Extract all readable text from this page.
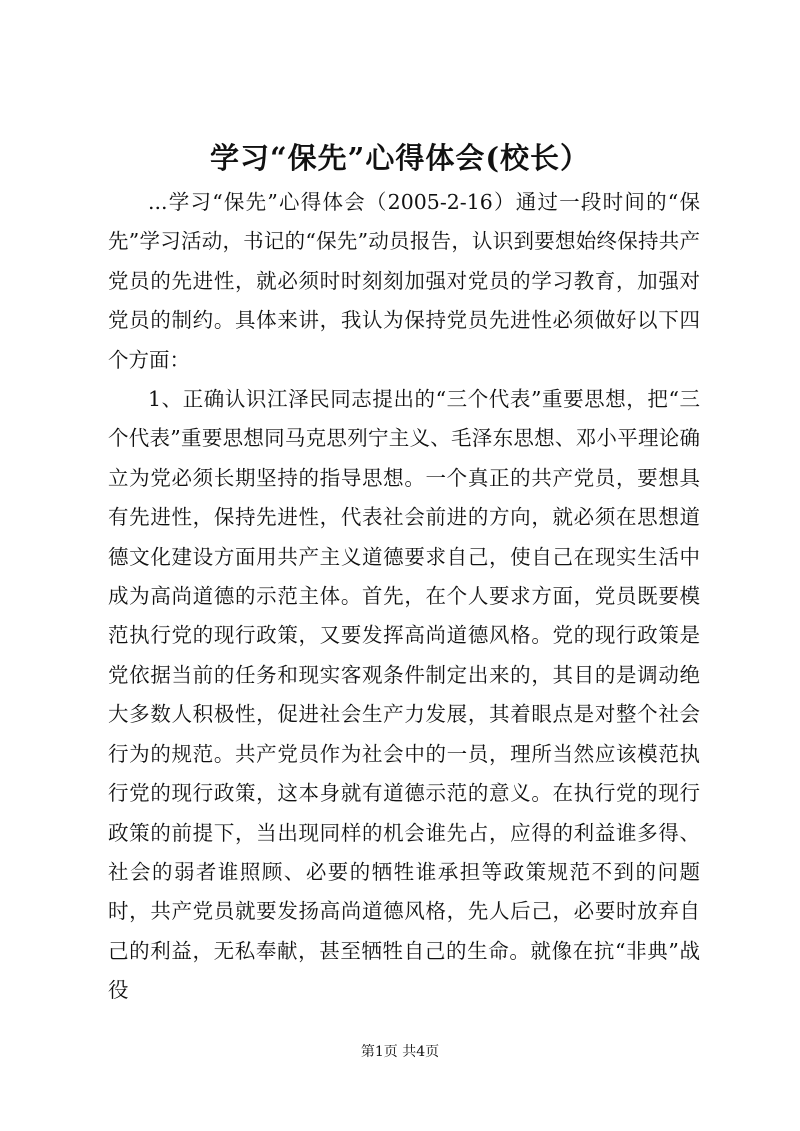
学习“保先”心得体会(校长）

...学习“保先”心得体会（2005-2-16）通过一段时间的“保先”学习活动，书记的“保先”动员报告，认识到要想始终保持共产党员的先进性，就必须时时刻刻加强对党员的学习教育，加强对党员的制约。具体来讲，我认为保持党员先进性必须做好以下四个方面：

1、正确认识江泽民同志提出的“三个代表”重要思想，把“三个代表”重要思想同马克思列宁主义、毛泽东思想、邓小平理论确立为党必须长期坚持的指导思想。一个真正的共产党员，要想具有先进性，保持先进性，代表社会前进的方向，就必须在思想道德文化建设方面用共产主义道德要求自己，使自己在现实生活中成为高尚道德的示范主体。首先，在个人要求方面，党员既要模范执行党的现行政策，又要发挥高尚道德风格。党的现行政策是党依据当前的任务和现实客观条件制定出来的，其目的是调动绝大多数人积极性，促进社会生产力发展，其着眼点是对整个社会行为的规范。共产党员作为社会中的一员，理所当然应该模范执行党的现行政策，这本身就有道德示范的意义。在执行党的现行政策的前提下，当出现同样的机会谁先占，应得的利益谁多得、社会的弱者谁照顾、必要的牺牲谁承担等政策规范不到的问题时，共产党员就要发扬高尚道德风格，先人后己，必要时放弃自己的利益，无私奉献，甚至牺牲自己的生命。就像在抗“非典”战役

第1页 共4页
